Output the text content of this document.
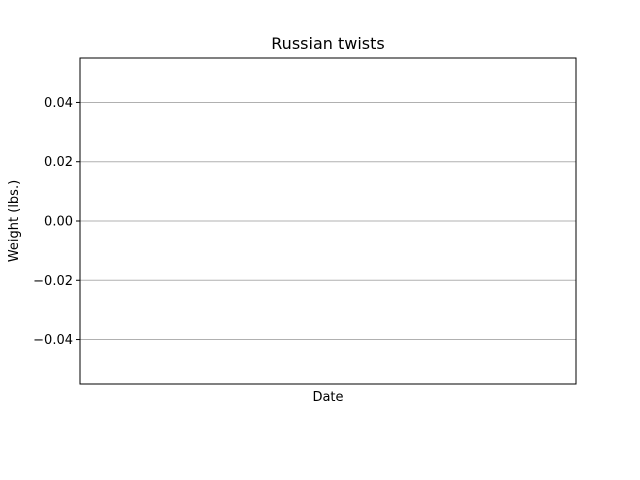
0.04
0.02
0.00
−0.02
−0.04
Russian twists
Date
Weight (lbs.)
